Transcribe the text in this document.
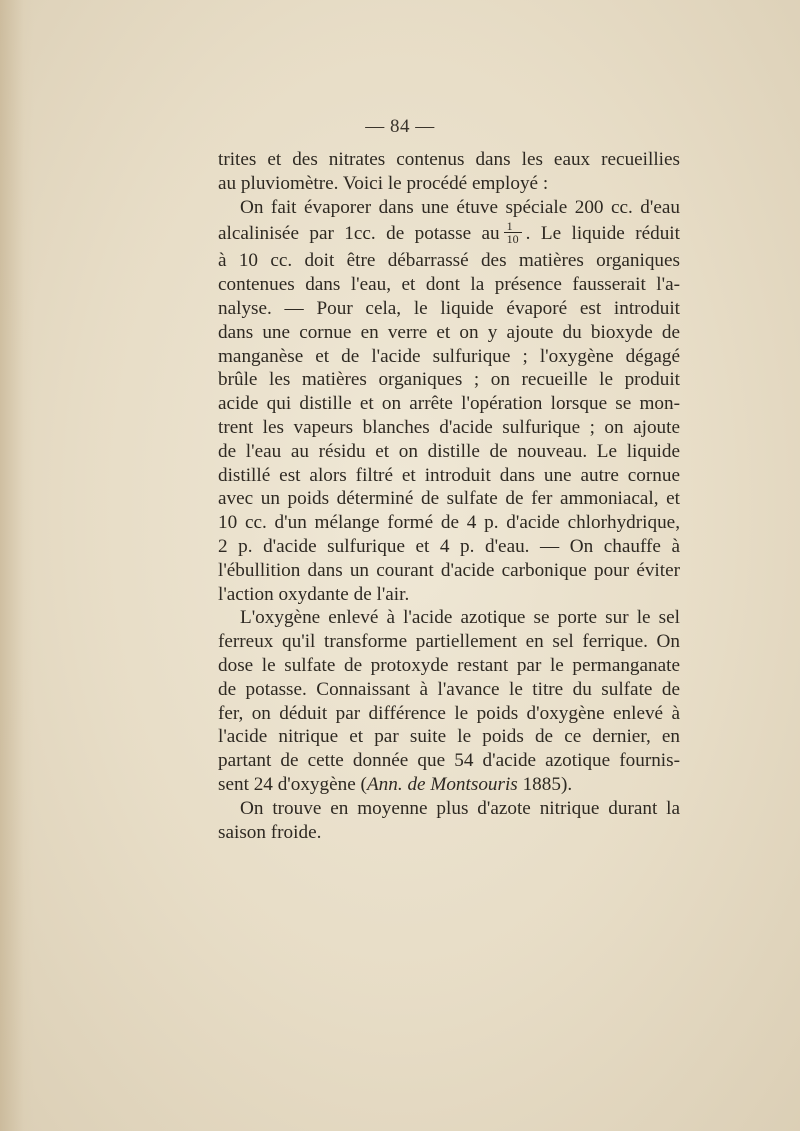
— 84 —
trites et des nitrates contenus dans les eaux recueillies
au pluviomètre. Voici le procédé employé :
On fait évaporer dans une étuve spéciale 200 cc. d'eau
alcalinisée par 1cc. de potasse au $\frac{1}{10}$ . Le liquide réduit
à 10 cc. doit être débarrassé des matières organiques
contenues dans l'eau, et dont la présence fausserait l'a-
nalyse. — Pour cela, le liquide évaporé est introduit
dans une cornue en verre et on y ajoute du bioxyde de
manganèse et de l'acide sulfurique ; l'oxygène dégagé
brûle les matières organiques ; on recueille le produit
acide qui distille et on arrête l'opération lorsque se mon-
trent les vapeurs blanches d'acide sulfurique ; on ajoute
de l'eau au résidu et on distille de nouveau. Le liquide
distillé est alors filtré et introduit dans une autre cornue
avec un poids déterminé de sulfate de fer ammoniacal, et
10 cc. d'un mélange formé de 4 p. d'acide chlorhydrique,
2 p. d'acide sulfurique et 4 p. d'eau. — On chauffe à
l'ébullition dans un courant d'acide carbonique pour éviter
l'action oxydante de l'air.
L'oxygène enlevé à l'acide azotique se porte sur le sel
ferreux qu'il transforme partiellement en sel ferrique. On
dose le sulfate de protoxyde restant par le permanganate
de potasse. Connaissant à l'avance le titre du sulfate de
fer, on déduit par différence le poids d'oxygène enlevé à
l'acide nitrique et par suite le poids de ce dernier, en
partant de cette donnée que 54 d'acide azotique fournis-
sent 24 d'oxygène (Ann. de Montsouris 1885).
On trouve en moyenne plus d'azote nitrique durant la
saison froide.
